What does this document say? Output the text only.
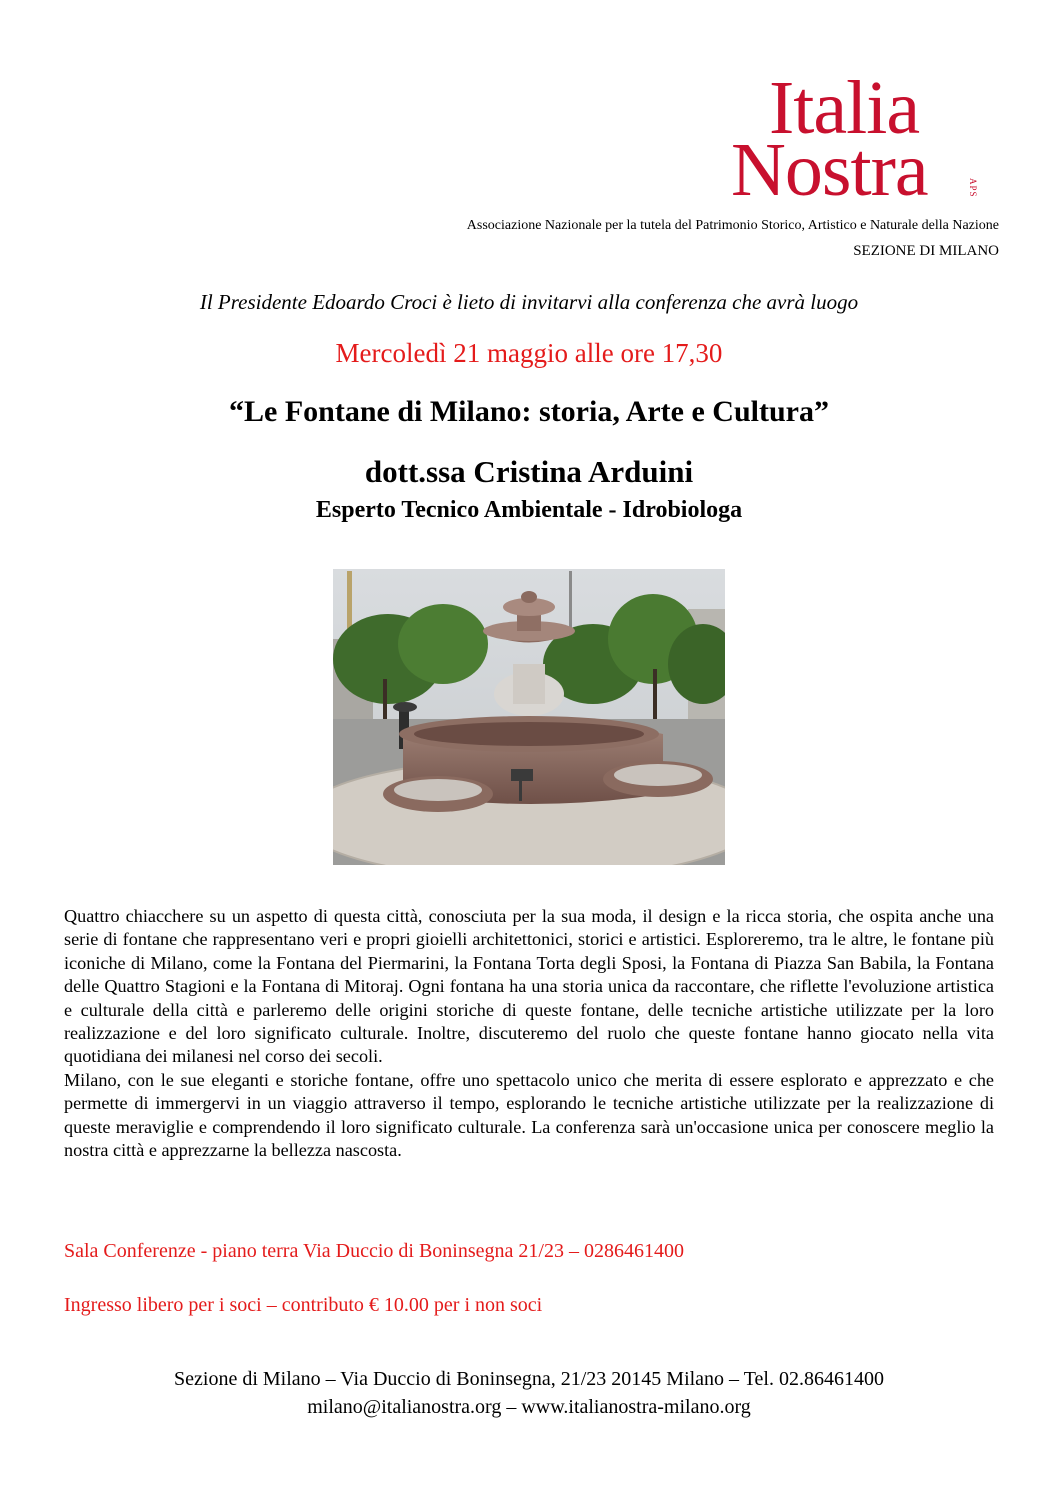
Italia
Nostra	APS
Associazione Nazionale per la tutela del Patrimonio Storico, Artistico e Naturale della Nazione
SEZIONE DI MILANO
Il Presidente Edoardo Croci è lieto di invitarvi alla conferenza che avrà luogo
Mercoledì 21 maggio alle ore 17,30
“Le Fontane di Milano: storia, Arte e Cultura”
dott.ssa Cristina Arduini
Esperto Tecnico Ambientale - Idrobiologa

Quattro chiacchere su un aspetto di questa città, conosciuta per la sua moda, il design e la ricca storia, che ospita anche una serie di fontane che rappresentano veri e propri gioielli architettonici, storici e artistici. Esploreremo, tra le altre, le fontane più iconiche di Milano, come la Fontana del Piermarini, la Fontana Torta degli Sposi, la Fontana di Piazza San Babila, la Fontana delle Quattro Stagioni e la Fontana di Mitoraj. Ogni fontana ha una storia unica da raccontare, che riflette l'evoluzione artistica e culturale della città e parleremo delle origini storiche di queste fontane, delle tecniche artistiche utilizzate per la loro realizzazione e del loro significato culturale. Inoltre, discuteremo del ruolo che queste fontane hanno giocato nella vita quotidiana dei milanesi nel corso dei secoli.

Milano, con le sue eleganti e storiche fontane, offre uno spettacolo unico che merita di essere esplorato e apprezzato e che permette di immergervi in un viaggio attraverso il tempo, esplorando le tecniche artistiche utilizzate per la realizzazione di queste meraviglie e comprendendo il loro significato culturale. La conferenza sarà un'occasione unica per conoscere meglio la nostra città e apprezzarne la bellezza nascosta.

Sala Conferenze - piano terra Via Duccio di Boninsegna 21/23 – 0286461400
Ingresso libero per i soci – contributo € 10.00 per i non soci
Sezione di Milano – Via Duccio di Boninsegna, 21/23 20145 Milano – Tel. 02.86461400
milano@italianostra.org – www.italianostra-milano.org
